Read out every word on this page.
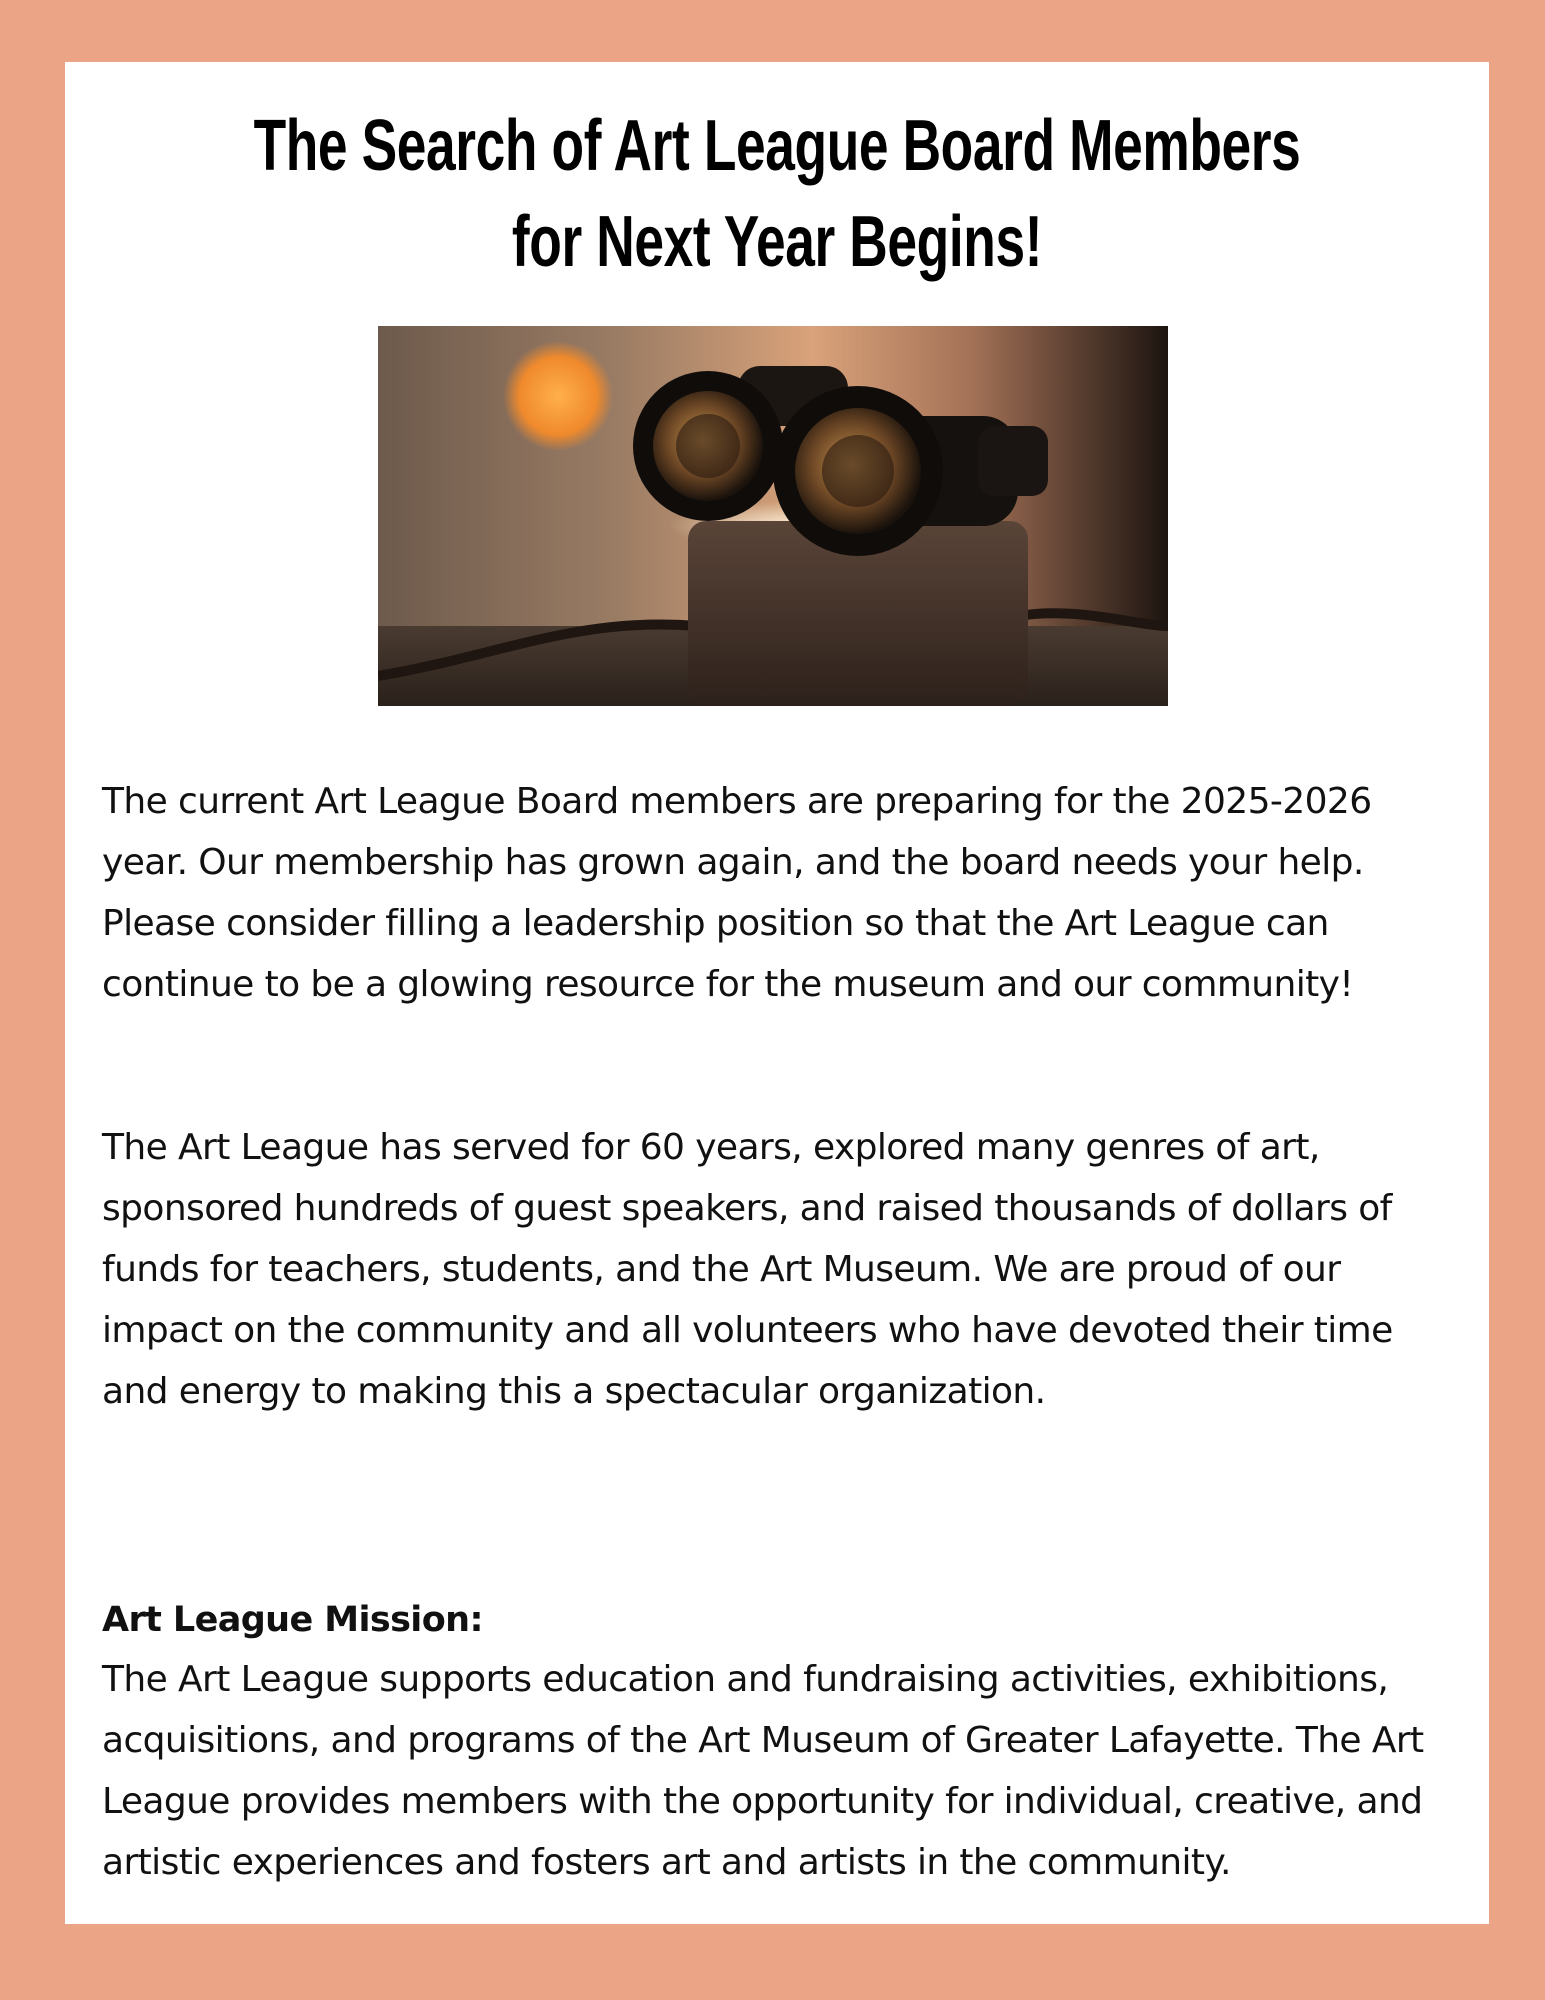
The Search of Art League Board Members
for Next Year Begins!

The current Art League Board members are preparing for the 2025-2026 year. Our membership has grown again, and the board needs your help. Please consider filling a leadership position so that the Art League can continue to be a glowing resource for the museum and our community!

The Art League has served for 60 years, explored many genres of art, sponsored hundreds of guest speakers, and raised thousands of dollars of funds for teachers, students, and the Art Museum. We are proud of our impact on the community and all volunteers who have devoted their time and energy to making this a spectacular organization.

Art League Mission:

The Art League supports education and fundraising activities, exhibitions, acquisitions, and programs of the Art Museum of Greater Lafayette. The Art League provides members with the opportunity for individual, creative, and artistic experiences and fosters art and artists in the community.
